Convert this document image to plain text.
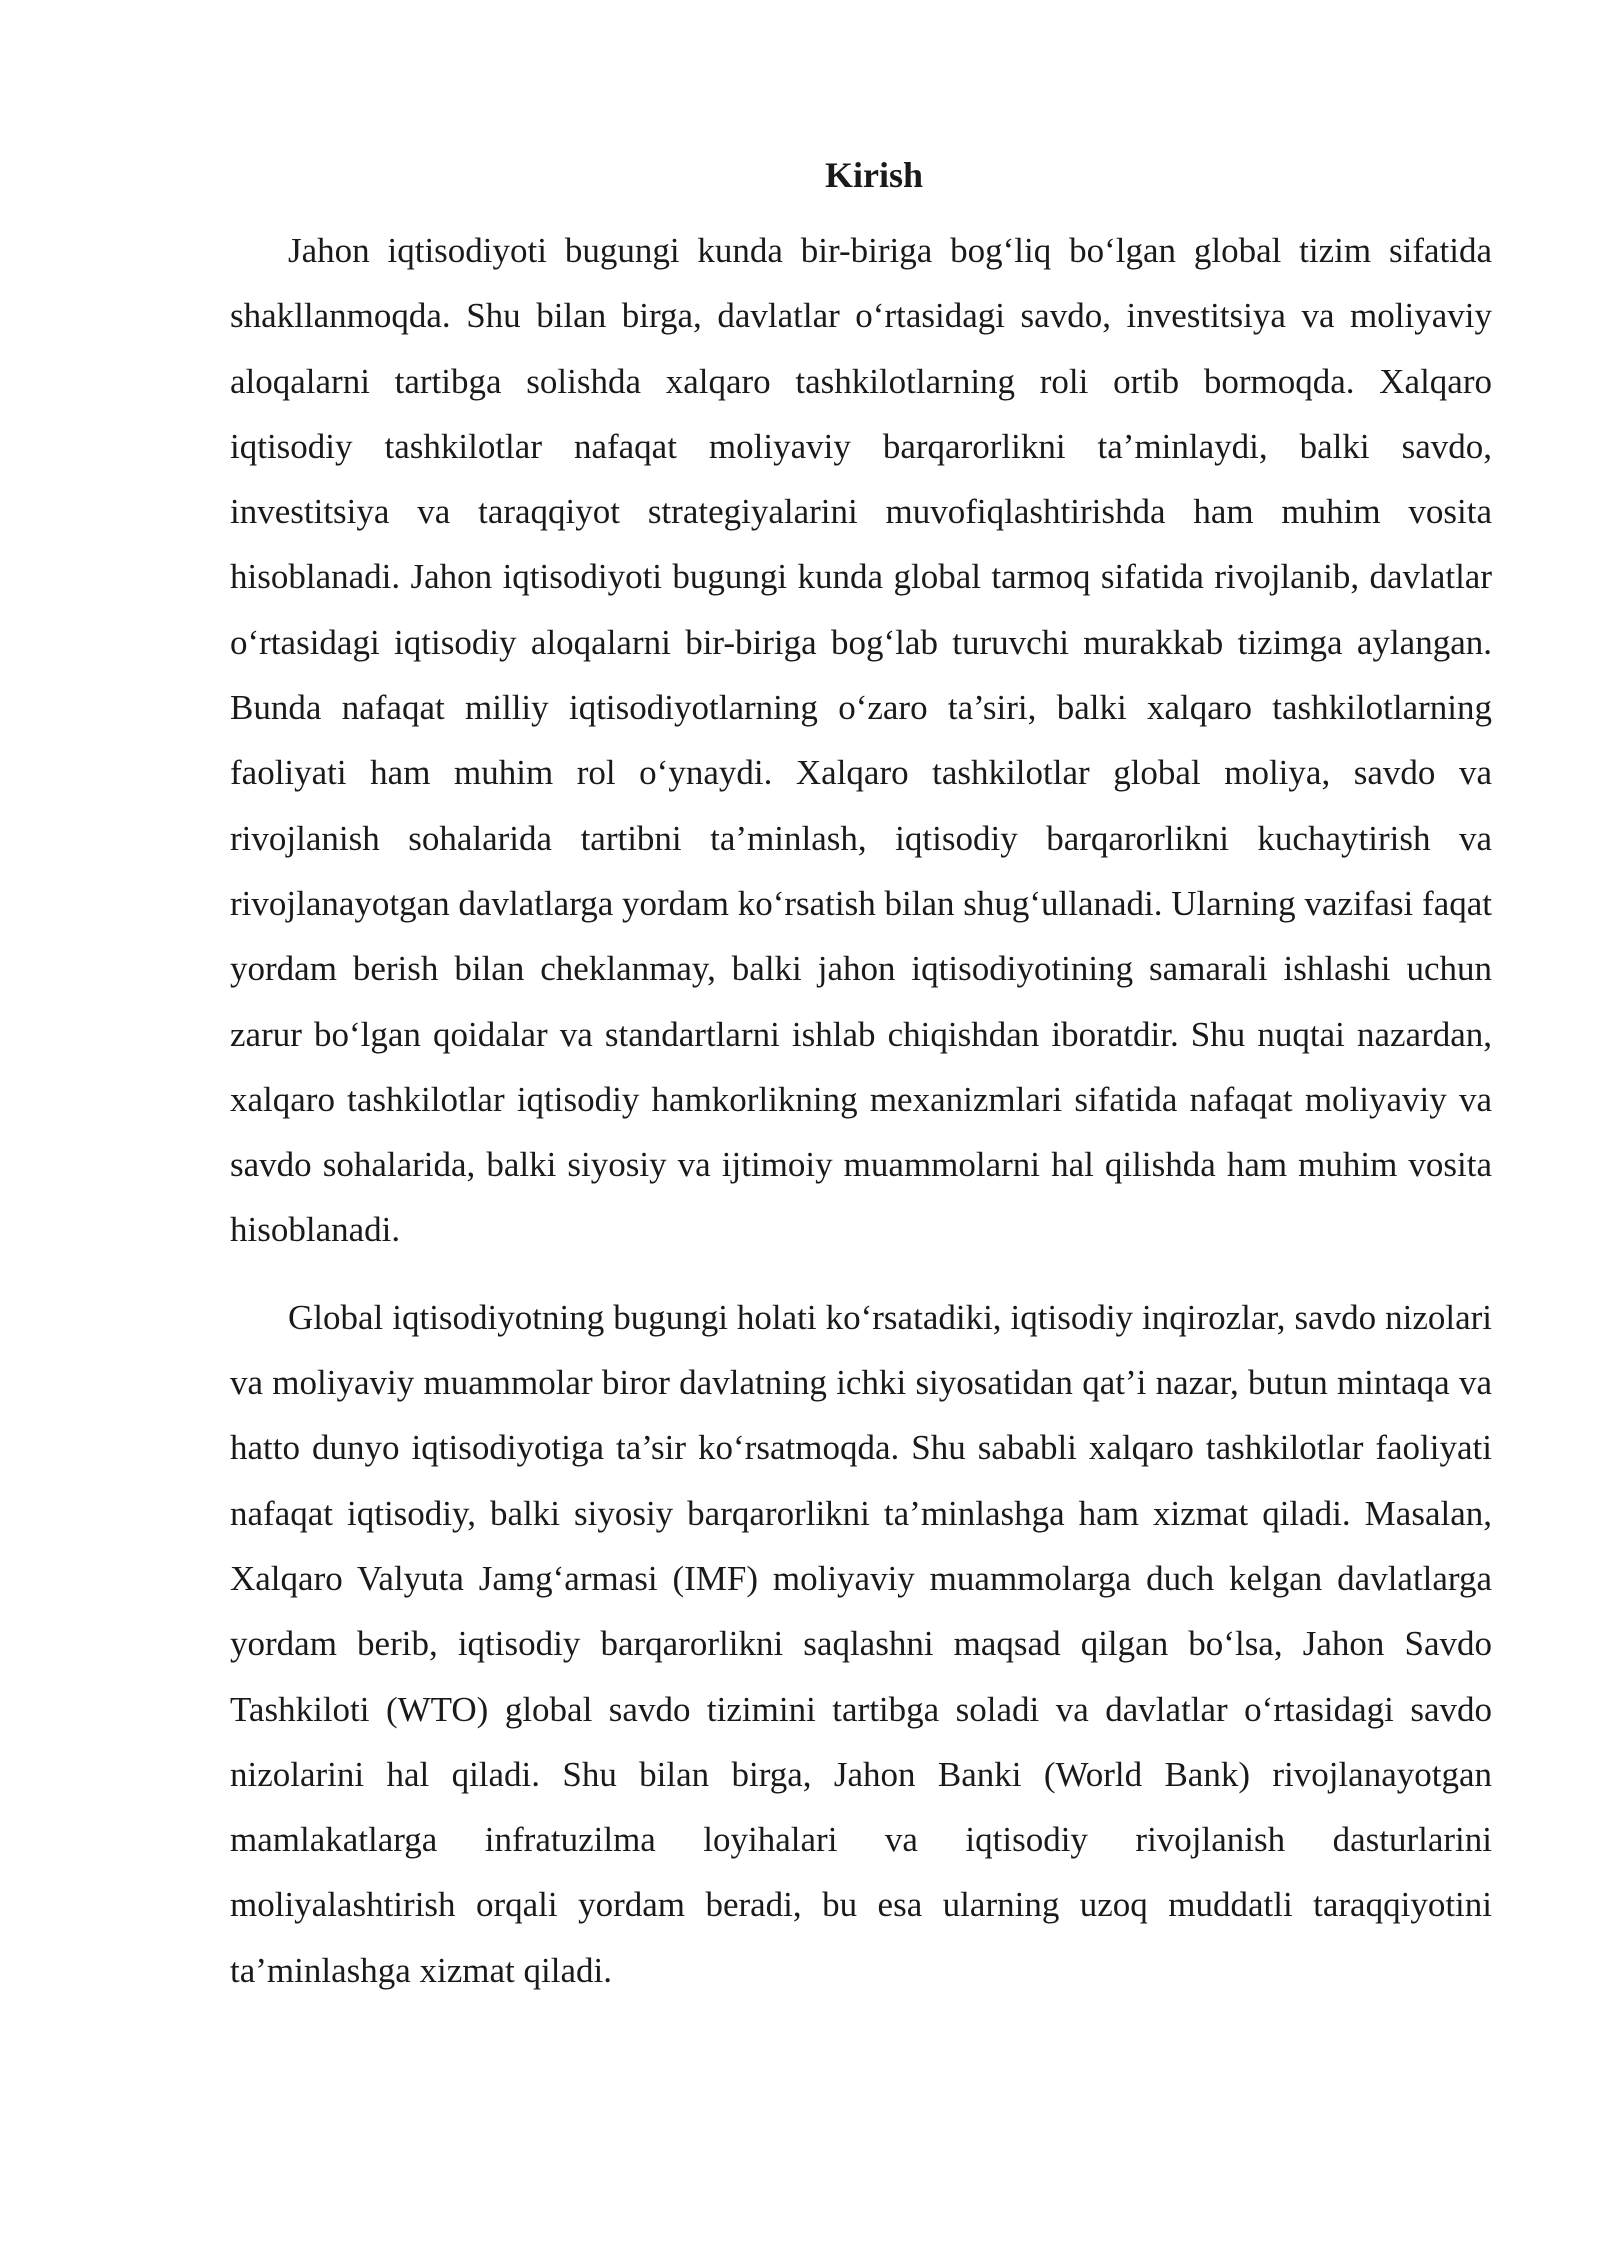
Kirish

Jahon iqtisodiyoti bugungi kunda bir-biriga bog‘liq bo‘lgan global tizim sifatida shakllanmoqda. Shu bilan birga, davlatlar o‘rtasidagi savdo, investitsiya va moliyaviy aloqalarni tartibga solishda xalqaro tashkilotlarning roli ortib bormoqda. Xalqaro iqtisodiy tashkilotlar nafaqat moliyaviy barqarorlikni ta’minlaydi, balki savdo, investitsiya va taraqqiyot strategiyalarini muvofiqlashtirishda ham muhim vosita hisoblanadi. Jahon iqtisodiyoti bugungi kunda global tarmoq sifatida rivojlanib, davlatlar o‘rtasidagi iqtisodiy aloqalarni bir-biriga bog‘lab turuvchi murakkab tizimga aylangan. Bunda nafaqat milliy iqtisodiyotlarning o‘zaro ta’siri, balki xalqaro tashkilotlarning faoliyati ham muhim rol o‘ynaydi. Xalqaro tashkilotlar global moliya, savdo va rivojlanish sohalarida tartibni ta’minlash, iqtisodiy barqarorlikni kuchaytirish va rivojlanayotgan davlatlarga yordam ko‘rsatish bilan shug‘ullanadi. Ularning vazifasi faqat yordam berish bilan cheklanmay, balki jahon iqtisodiyotining samarali ishlashi uchun zarur bo‘lgan qoidalar va standartlarni ishlab chiqishdan iboratdir. Shu nuqtai nazardan, xalqaro tashkilotlar iqtisodiy hamkorlikning mexanizmlari sifatida nafaqat moliyaviy va savdo sohalarida, balki siyosiy va ijtimoiy muammolarni hal qilishda ham muhim vosita hisoblanadi.

Global iqtisodiyotning bugungi holati ko‘rsatadiki, iqtisodiy inqirozlar, savdo nizolari va moliyaviy muammolar biror davlatning ichki siyosatidan qat’i nazar, butun mintaqa va hatto dunyo iqtisodiyotiga ta’sir ko‘rsatmoqda. Shu sababli xalqaro tashkilotlar faoliyati nafaqat iqtisodiy, balki siyosiy barqarorlikni ta’minlashga ham xizmat qiladi. Masalan, Xalqaro Valyuta Jamg‘armasi (IMF) moliyaviy muammolarga duch kelgan davlatlarga yordam berib, iqtisodiy barqarorlikni saqlashni maqsad qilgan bo‘lsa, Jahon Savdo Tashkiloti (WTO) global savdo tizimini tartibga soladi va davlatlar o‘rtasidagi savdo nizolarini hal qiladi. Shu bilan birga, Jahon Banki (World Bank) rivojlanayotgan mamlakatlarga infratuzilma loyihalari va iqtisodiy rivojlanish dasturlarini moliyalashtirish orqali yordam beradi, bu esa ularning uzoq muddatli taraqqiyotini ta’minlashga xizmat qiladi.
